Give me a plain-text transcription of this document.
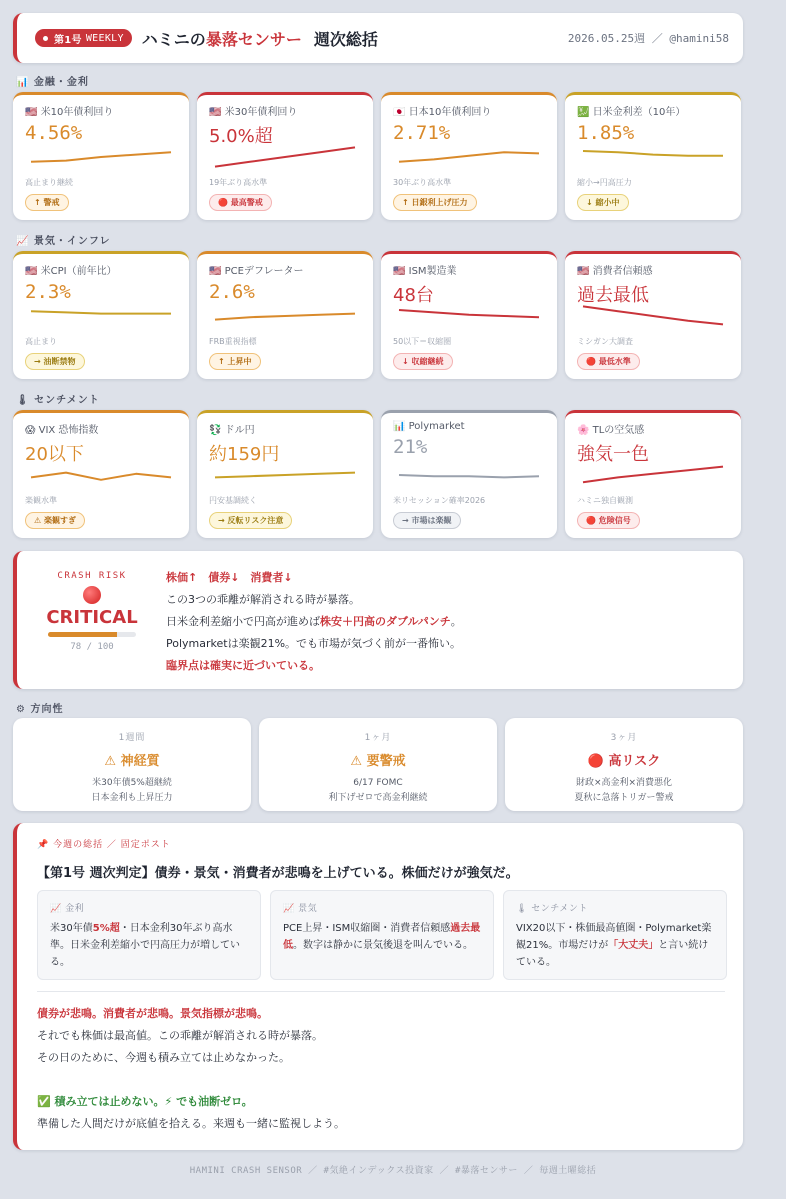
第1号 WEEKLY ハミニの暴落センサー 週次総括	2026.05.25週 ／ @hamini58
📊 金融・金利
📈 景気・インフレ
🌡 センチメント
⚙ 方向性
🇺🇸 米10年債利回り
4.56%
高止まり継続
↑ 警戒
🇺🇸 米30年債利回り
5.0%超
19年ぶり高水準
🔴 最高警戒
🇯🇵 日本10年債利回り
2.71%
30年ぶり高水準
↑ 日銀利上げ圧力
💹 日米金利差（10年）
1.85%
縮小→円高圧力
↓ 縮小中
🇺🇸 米CPI（前年比）
2.3%
高止まり
→ 油断禁物
🇺🇸 PCEデフレーター
2.6%
FRB重視指標
↑ 上昇中
🇺🇸 ISM製造業
48台
50以下＝収縮圏
↓ 収縮継続
🇺🇸 消費者信頼感
過去最低
ミシガン大調査
🔴 最低水準
😱 VIX 恐怖指数
20以下
楽観水準
⚠ 楽観すぎ
💱 ドル円
約159円
円安基調続く
→ 反転リスク注意
📊 Polymarket
21%
米リセッション確率2026
→ 市場は楽観
🌸 TLの空気感
強気一色
ハミニ独自観測
🔴 危険信号
CRASH RISK
CRITICAL
78 / 100
株価↑　債券↓　消費者↓
この3つの乖離が解消される時が暴落。
日米金利差縮小で円高が進めば株安＋円高のダブルパンチ。
Polymarketは楽観21%。でも市場が気づく前が一番怖い。
臨界点は確実に近づいている。
1週間
⚠ 神経質
米30年債5%超継続
日本金利も上昇圧力
1ヶ月
⚠ 要警戒
6/17 FOMC
利下げゼロで高金利継続
3ヶ月
🔴 高リスク
財政×高金利×消費悪化
夏秋に急落トリガー警戒
📌 今週の総括 ／ 固定ポスト
【第1号 週次判定】債券・景気・消費者が悲鳴を上げている。株価だけが強気だ。
📈 金利
米30年債5%超・日本金利30年ぶり高水準。日米金利差縮小で円高圧力が増している。
📈 景気
PCE上昇・ISM収縮圏・消費者信頼感過去最低。数字は静かに景気後退を叫んでいる。
🌡 センチメント
VIX20以下・株価最高値圏・Polymarket楽観21%。市場だけが「大丈夫」と言い続けている。
債券が悲鳴。消費者が悲鳴。景気指標が悲鳴。
それでも株価は最高値。この乖離が解消される時が暴落。
その日のために、今週も積み立ては止めなかった。
✅ 積み立ては止めない。⚡ でも油断ゼロ。
準備した人間だけが底値を拾える。来週も一緒に監視しよう。
HAMINI CRASH SENSOR ／ #気絶インデックス投資家 ／ #暴落センサー ／ 毎週土曜総括
